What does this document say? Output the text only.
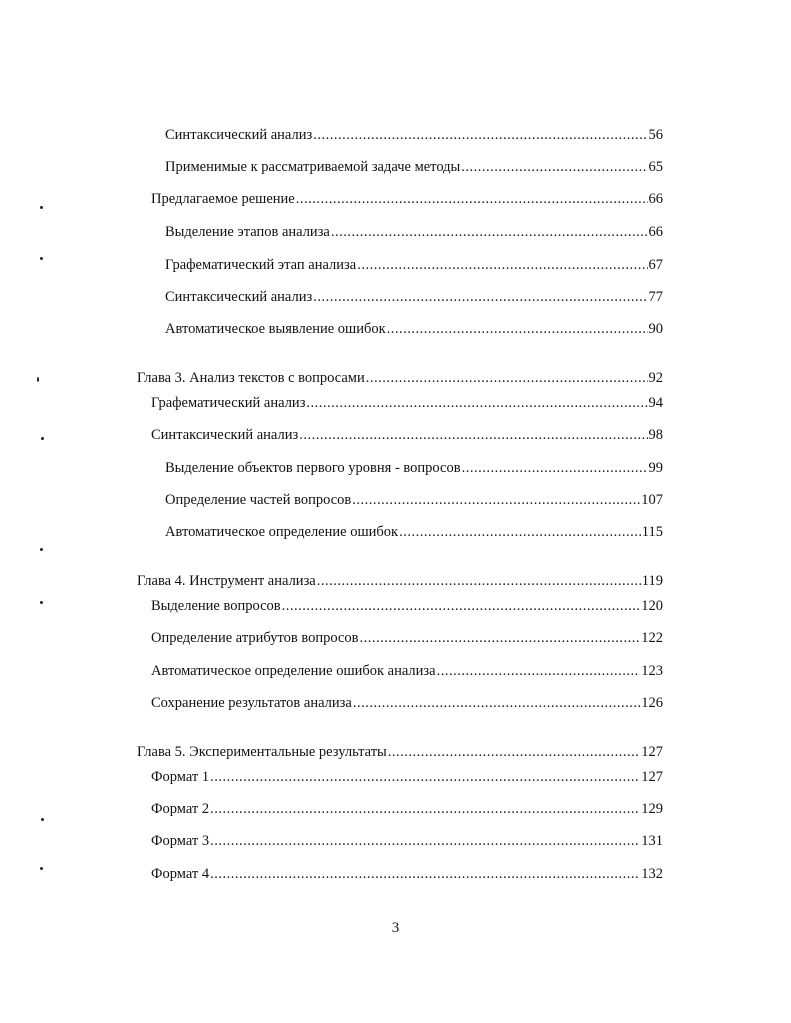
Синтаксический анализ .....	56
Применимые к рассматриваемой задаче методы .....	65
Предлагаемое решение .....	66
Выделение этапов анализа .....	66
Графематический этап анализа .....	67
Синтаксический анализ .....	77
Автоматическое выявление ошибок .....	90
Глава 3. Анализ текстов с вопросами .....	92
Графематический анализ .....	94
Синтаксический анализ .....	98
Выделение объектов первого уровня - вопросов .....	99
Определение частей вопросов .....	107
Автоматическое определение ошибок .....	115
Глава 4. Инструмент анализа .....	119
Выделение вопросов .....	120
Определение атрибутов вопросов .....	122
Автоматическое определение ошибок анализа .....	123
Сохранение результатов анализа .....	126
Глава 5. Экспериментальные результаты .....	127
Формат 1 .....	127
Формат 2 .....	129
Формат 3 .....	131
Формат 4 .....	132
3
